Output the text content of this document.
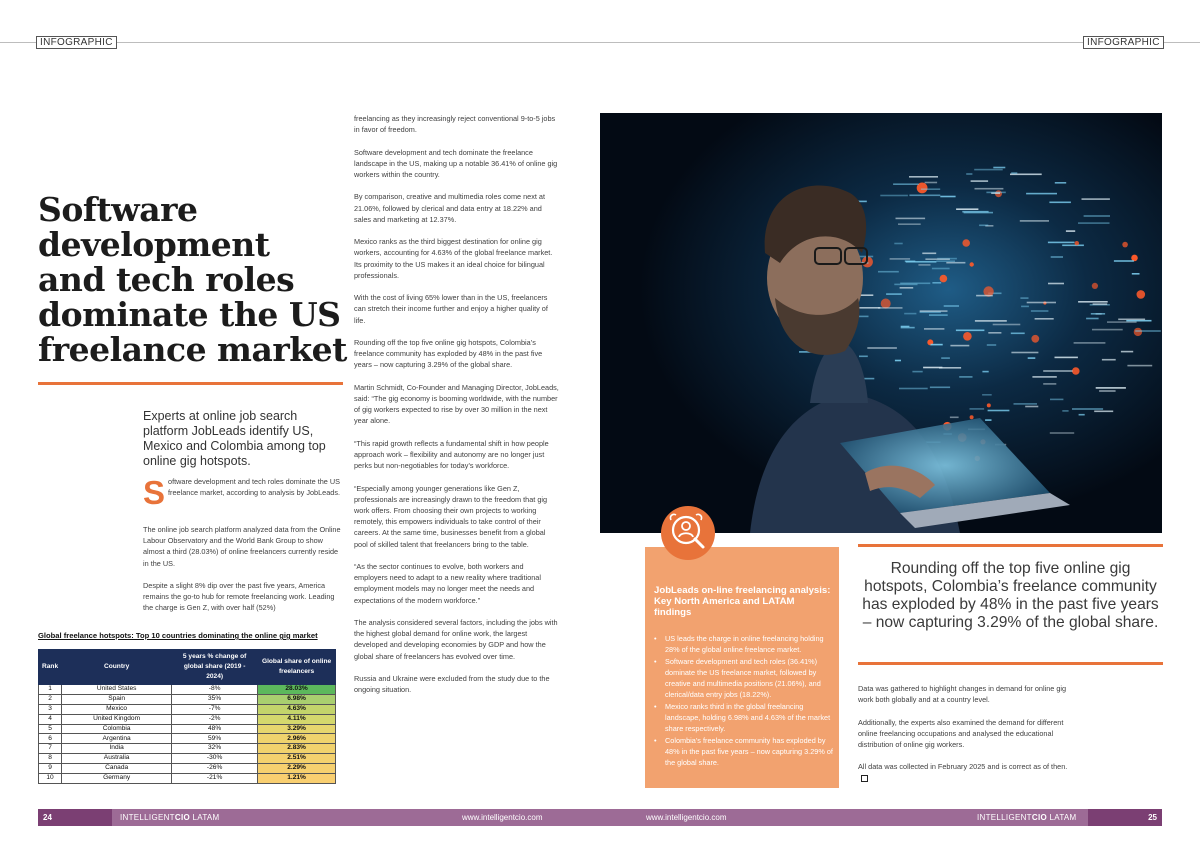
INFOGRAPHIC	INFOGRAPHIC
Software
development
and tech roles
dominate the US
freelance market

Experts at online job search platform JobLeads identify US, Mexico and Colombia among top online gig hotspots.

S oftware development and tech roles dominate the US freelance market, according to analysis by JobLeads.

The online job search platform analyzed data from the Online Labour Observatory and the World Bank Group to show almost a third (28.03%) of online freelancers currently reside in the US.

Despite a slight 8% dip over the past five years, America remains the go-to hub for remote freelancing work. Leading the charge is Gen Z, with over half (52%)

Global freelance hotspots: Top 10 countries dominating the online gig market
Rank	Country	5 years % change of global share (2019 - 2024)	Global share of online freelancers
1	United States	-8%	28.03%
2	Spain	35%	6.98%
3	Mexico	-7%	4.63%
4	United Kingdom	-2%	4.11%
5	Colombia	48%	3.29%
6	Argentina	59%	2.96%
7	India	32%	2.83%
8	Australia	-30%	2.51%
9	Canada	-26%	2.29%
10	Germany	-21%	1.21%

freelancing as they increasingly reject conventional 9-to-5 jobs in favor of freedom.

Software development and tech dominate the freelance landscape in the US, making up a notable 36.41% of online gig workers within the country.

By comparison, creative and multimedia roles come next at 21.06%, followed by clerical and data entry at 18.22% and sales and marketing at 12.37%.

Mexico ranks as the third biggest destination for online gig workers, accounting for 4.63% of the global freelance market. Its proximity to the US makes it an ideal choice for bilingual professionals.

With the cost of living 65% lower than in the US, freelancers can stretch their income further and enjoy a higher quality of life.

Rounding off the top five online gig hotspots, Colombia’s freelance community has exploded by 48% in the past five years – now capturing 3.29% of the global share.

Martin Schmidt, Co-Founder and Managing Director, JobLeads, said: “The gig economy is booming worldwide, with the number of gig workers expected to rise by over 30 million in the next year alone.

“This rapid growth reflects a fundamental shift in how people approach work – flexibility and autonomy are no longer just perks but non-negotiables for today’s workforce.

“Especially among younger generations like Gen Z, professionals are increasingly drawn to the freedom that gig work offers. From choosing their own projects to working remotely, this empowers individuals to take control of their careers. At the same time, businesses benefit from a global pool of skilled talent that freelancers bring to the table.

“As the sector continues to evolve, both workers and employers need to adapt to a new reality where traditional employment models may no longer meet the needs and expectations of the modern workforce.”

The analysis considered several factors, including the jobs with the highest global demand for online work, the largest developed and developing economies by GDP and how the global share of freelancers has evolved over time.

Russia and Ukraine were excluded from the study due to the ongoing situation.

JobLeads on-line freelancing analysis: Key North America and LATAM findings
• US leads the charge in online freelancing holding 28% of the global online freelance market.
• Software development and tech roles (36.41%) dominate the US freelance market, followed by creative and multimedia positions (21.06%), and clerical/data entry jobs (18.22%).
• Mexico ranks third in the global freelancing landscape, holding 6.98% and 4.63% of the market share respectively.
• Colombia’s freelance community has exploded by 48% in the past five years – now capturing 3.29% of the global share.
Rounding off the top five online gig hotspots, Colombia’s freelance community has exploded by 48% in the past five years – now capturing 3.29% of the global share.

Data was gathered to highlight changes in demand for online gig work both globally and at a country level.

Additionally, the experts also examined the demand for different online freelancing occupations and analysed the educational distribution of online gig workers.

All data was collected in February 2025 and is correct as of then.

24	INTELLIGENTCIO LATAM	www.intelligentcio.com	www.intelligentcio.com	INTELLIGENTCIO LATAM	25
